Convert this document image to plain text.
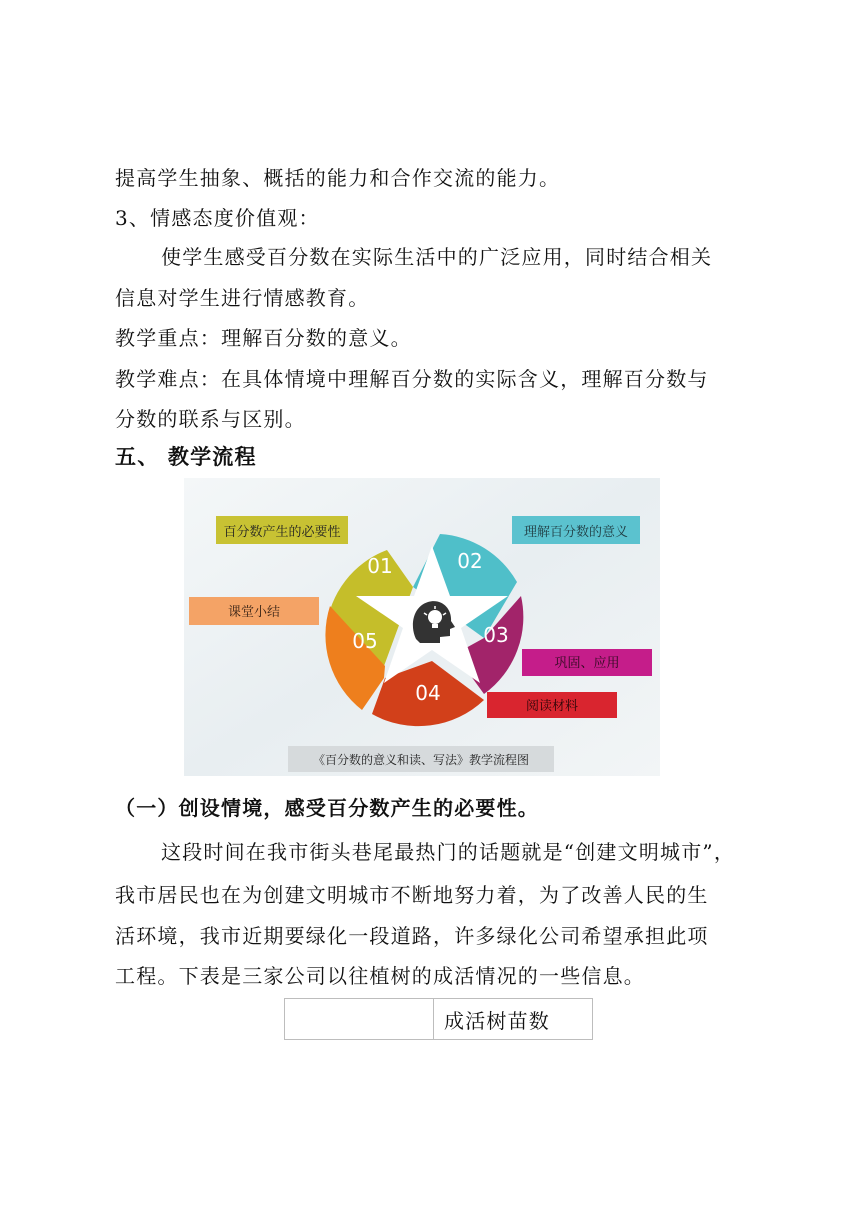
提高学生抽象、概括的能力和合作交流的能力。
3、情感态度价值观：
使学生感受百分数在实际生活中的广泛应用，同时结合相关
信息对学生进行情感教育。
教学重点：理解百分数的意义。
教学难点：在具体情境中理解百分数的实际含义，理解百分数与
分数的联系与区别。
五、 教学流程
01	02
03
04
05
百分数产生的必要性	理解百分数的意义
课堂小结
巩固、应用
阅读材料
《百分数的意义和读、写法》教学流程图
（一）创设情境，感受百分数产生的必要性。
这段时间在我市街头巷尾最热门的话题就是“创建文明城市”，
我市居民也在为创建文明城市不断地努力着，为了改善人民的生
活环境，我市近期要绿化一段道路，许多绿化公司希望承担此项
工程。下表是三家公司以往植树的成活情况的一些信息。
	成活树苗数
